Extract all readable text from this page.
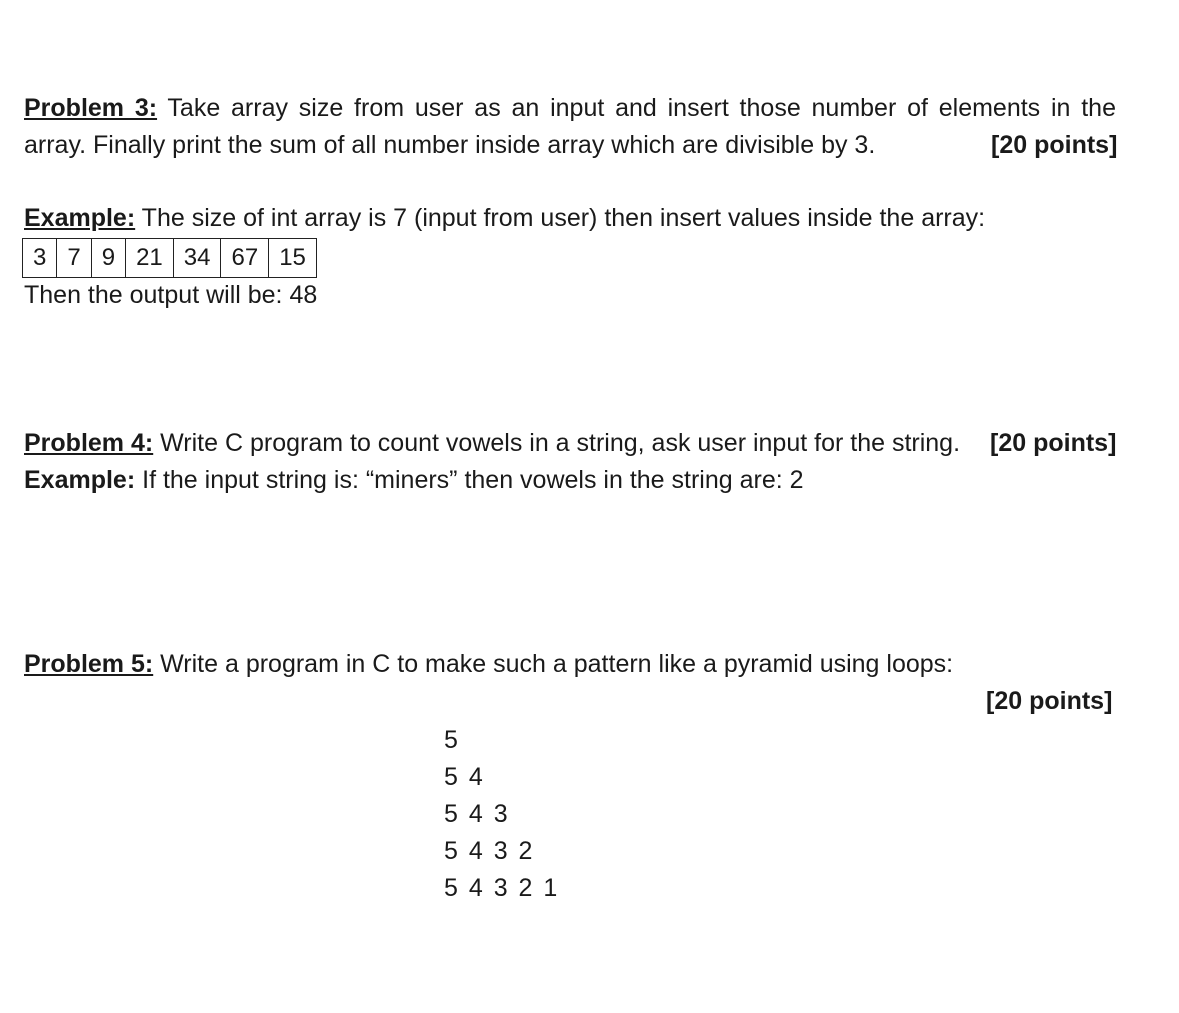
Problem 3: Take array size from user as an input and insert those number of elements in the
array. Finally print the sum of all number inside array which are divisible by 3.	[20 points]
Example: The size of int array is 7 (input from user) then insert values inside the array:
3	7	9	21	34	67	15
Then the output will be: 48
Problem 4: Write C program to count vowels in a string, ask user input for the string. [20 points]
Example: If the input string is: “miners” then vowels in the string are: 2
Problem 5: Write a program in C to make such a pattern like a pyramid using loops:
[20 points]
5
5 4
5 4 3
5 4 3 2
5 4 3 2 1
